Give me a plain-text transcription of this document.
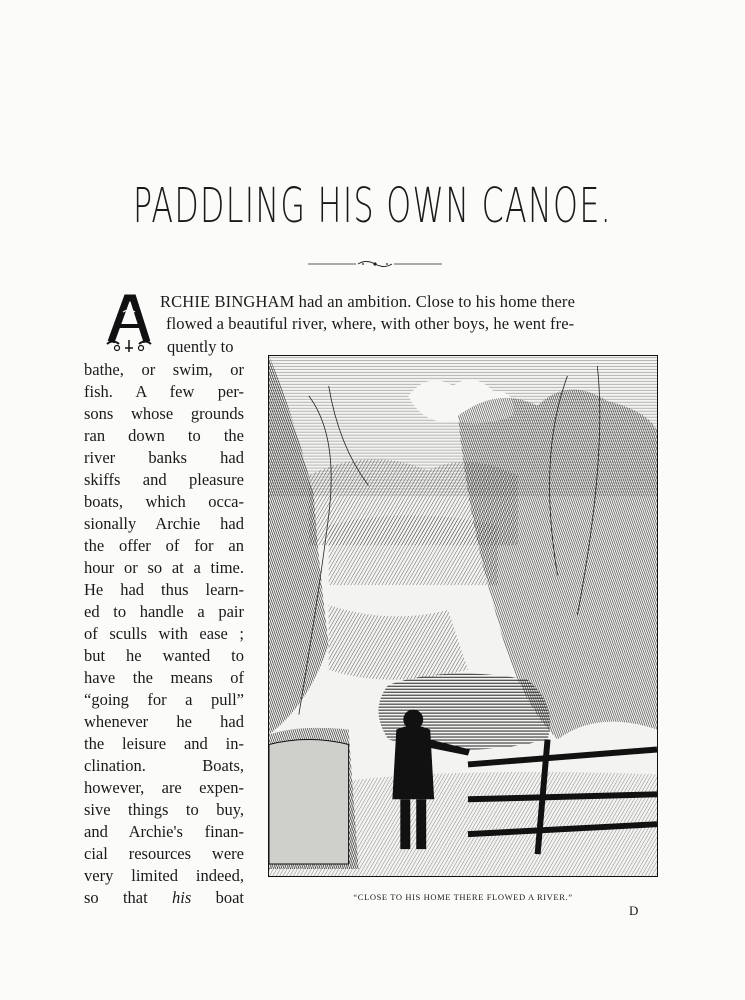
PADDLING HIS OWN CANOE.
A
RCHIE BINGHAM had an ambition. Close to his home there
flowed a beautiful river, where, with other boys, he went fre-
quently to
bathe, or swim, or
fish. A few per-
sons whose grounds
ran down to the
river banks had
skiffs and pleasure
boats, which occa-
sionally Archie had
the offer of for an
hour or so at a time.
He had thus learn-
ed to handle a pair
of sculls with ease ;
but he wanted to
have the means of
“going for a pull”
whenever he had
the leisure and in-
clination. Boats,
however, are expen-
sive things to buy,
and Archie's finan-
cial resources were
very limited indeed,
so that his boat	“CLOSE TO HIS HOME THERE FLOWED A RIVER.”
D
